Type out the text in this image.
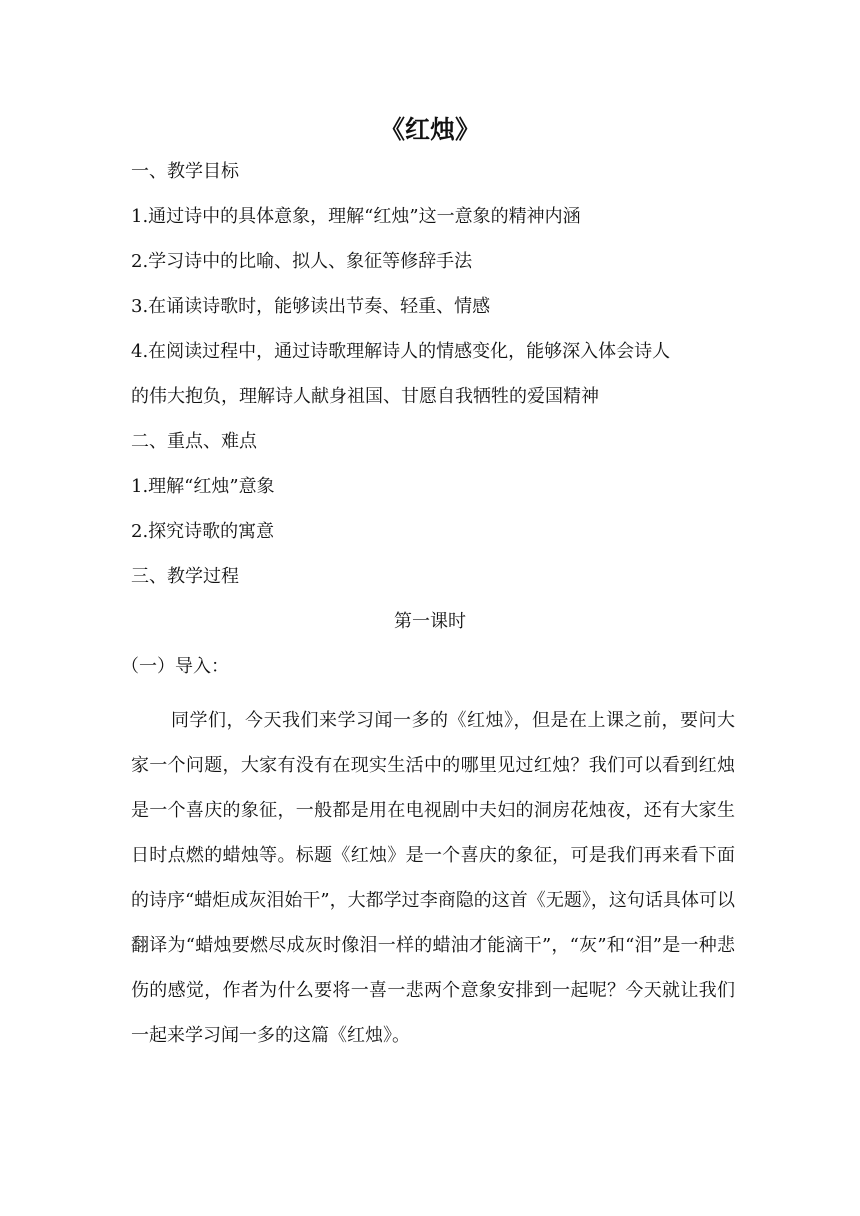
《红烛》
一、教学目标
1.通过诗中的具体意象，理解“红烛”这一意象的精神内涵
2.学习诗中的比喻、拟人、象征等修辞手法
3.在诵读诗歌时，能够读出节奏、轻重、情感
4.在阅读过程中，通过诗歌理解诗人的情感变化，能够深入体会诗人
的伟大抱负，理解诗人献身祖国、甘愿自我牺牲的爱国精神
二、重点、难点
1.理解“红烛”意象
2.探究诗歌的寓意
三、教学过程
第一课时
（一）导入：
同学们，今天我们来学习闻一多的《红烛》，但是在上课之前，要问大家一个问题，大家有没有在现实生活中的哪里见过红烛？我们可以看到红烛是一个喜庆的象征，一般都是用在电视剧中夫妇的洞房花烛夜，还有大家生日时点燃的蜡烛等。标题《红烛》是一个喜庆的象征，可是我们再来看下面的诗序“蜡炬成灰泪始干”，大都学过李商隐的这首《无题》，这句话具体可以翻译为“蜡烛要燃尽成灰时像泪一样的蜡油才能滴干”，“灰”和“泪”是一种悲伤的感觉，作者为什么要将一喜一悲两个意象安排到一起呢？今天就让我们一起来学习闻一多的这篇《红烛》。
